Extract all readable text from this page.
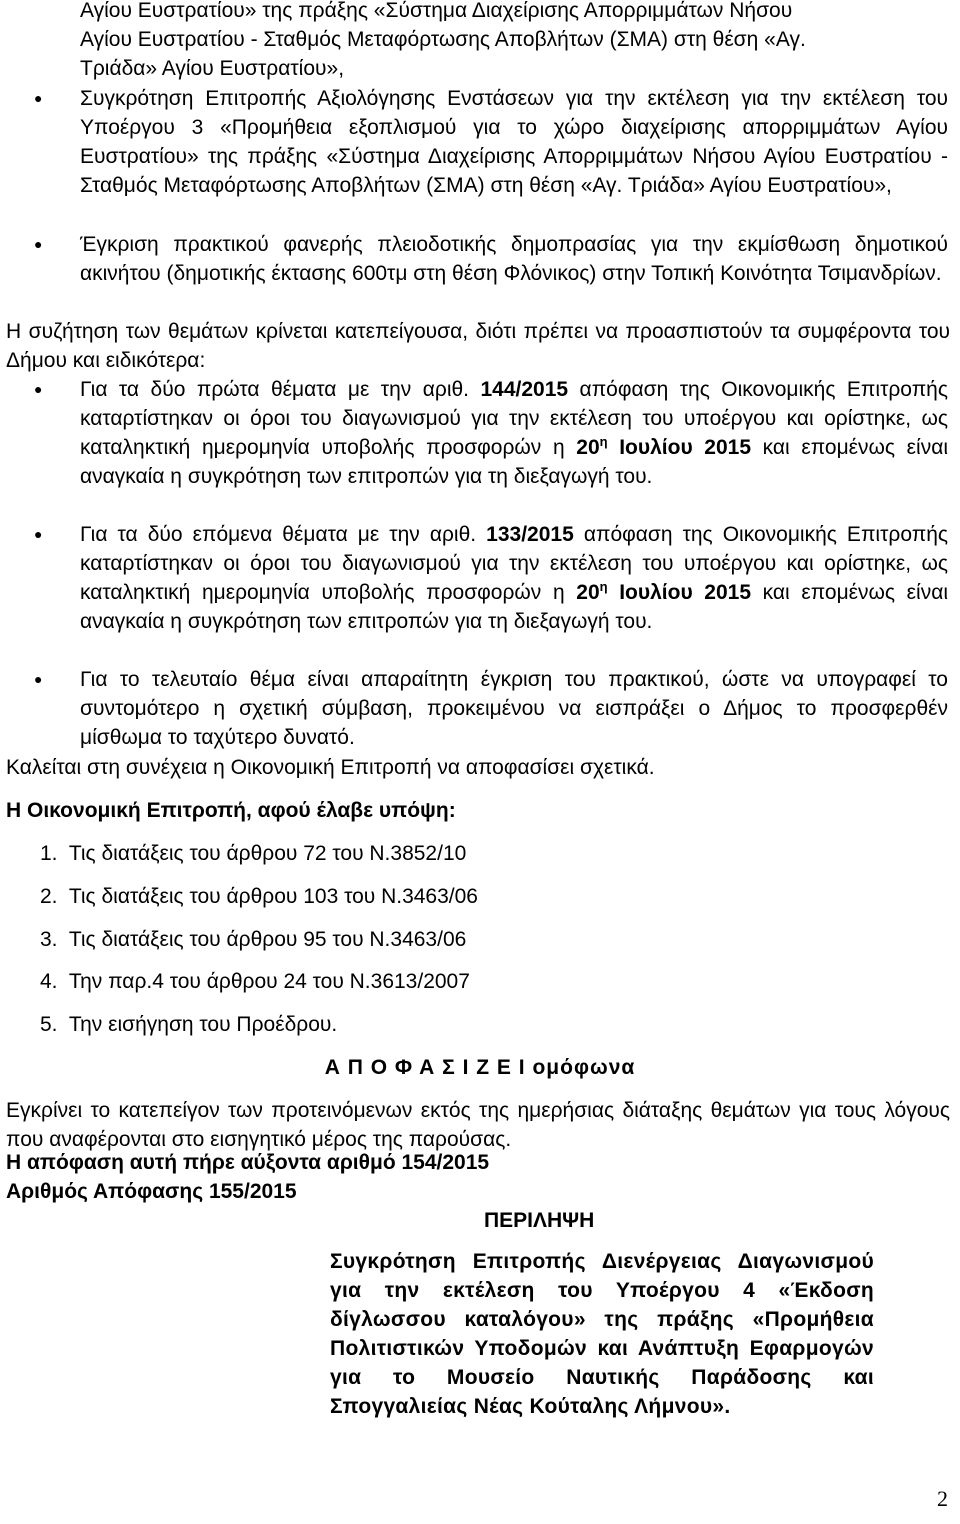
Αγίου Ευστρατίου» της πράξης «Σύστημα Διαχείρισης Απορριμμάτων Νήσου

Αγίου Ευστρατίου - Σταθμός Μεταφόρτωσης Αποβλήτων (ΣΜΑ) στη θέση «Αγ.

Τριάδα» Αγίου Ευστρατίου»,

● Συγκρότηση Επιτροπής Αξιολόγησης Ενστάσεων για την εκτέλεση για την εκτέλεση του Υποέργου 3 «Προμήθεια εξοπλισμού για το χώρο διαχείρισης απορριμμάτων Αγίου Ευστρατίου» της πράξης «Σύστημα Διαχείρισης Απορριμμάτων Νήσου Αγίου Ευστρατίου - Σταθμός Μεταφόρτωσης Αποβλήτων (ΣΜΑ) στη θέση «Αγ. Τριάδα» Αγίου Ευστρατίου»,

● Έγκριση πρακτικού φανερής πλειοδοτικής δημοπρασίας για την εκμίσθωση δημοτικού ακινήτου (δημοτικής έκτασης 600τμ στη θέση Φλόνικος) στην Τοπική Κοινότητα Τσιμανδρίων.

Η συζήτηση των θεμάτων κρίνεται κατεπείγουσα, διότι πρέπει να προασπιστούν τα συμφέροντα του Δήμου και ειδικότερα:

● Για τα δύο πρώτα θέματα με την αριθ. 144/2015 απόφαση της Οικονομικής Επιτροπής καταρτίστηκαν οι όροι του διαγωνισμού για την εκτέλεση του υποέργου και ορίστηκε, ως καταληκτική ημερομηνία υποβολής προσφορών η $20^\eta$ Ιουλίου 2015 και επομένως είναι αναγκαία η συγκρότηση των επιτροπών για τη διεξαγωγή του.

● Για τα δύο επόμενα θέματα με την αριθ. 133/2015 απόφαση της Οικονομικής Επιτροπής καταρτίστηκαν οι όροι του διαγωνισμού για την εκτέλεση του υποέργου και ορίστηκε, ως καταληκτική ημερομηνία υποβολής προσφορών η $20^\eta$ Ιουλίου 2015 και επομένως είναι αναγκαία η συγκρότηση των επιτροπών για τη διεξαγωγή του.

● Για το τελευταίο θέμα είναι απαραίτητη έγκριση του πρακτικού, ώστε να υπογραφεί το συντομότερο η σχετική σύμβαση, προκειμένου να εισπράξει ο Δήμος το προσφερθέν μίσθωμα το ταχύτερο δυνατό.

Καλείται στη συνέχεια η Οικονομική Επιτροπή να αποφασίσει σχετικά.

Η Οικονομική Επιτροπή, αφού έλαβε υπόψη:

1. Τις διατάξεις του άρθρου 72 του Ν.3852/10

2. Τις διατάξεις του άρθρου 103 του Ν.3463/06

3. Τις διατάξεις του άρθρου 95 του Ν.3463/06

4. Την παρ.4 του άρθρου 24 του Ν.3613/2007

5. Την εισήγηση του Προέδρου.

Α Π Ο Φ Α Σ Ι Ζ Ε Ι ομόφωνα

Εγκρίνει το κατεπείγον των προτεινόμενων εκτός της ημερήσιας διάταξης θεμάτων για τους λόγους που αναφέρονται στο εισηγητικό μέρος της παρούσας.

Η απόφαση αυτή πήρε αύξοντα αριθμό 154/2015

Αριθμός Απόφασης 155/2015

ΠΕΡΙΛΗΨΗ

Συγκρότηση Επιτροπής Διενέργειας Διαγωνισμού για την εκτέλεση του Υποέργου 4 «Έκδοση δίγλωσσου καταλόγου» της πράξης «Προμήθεια Πολιτιστικών Υποδομών και Ανάπτυξη Εφαρμογών για το Μουσείο Ναυτικής Παράδοσης και Σπογγαλιείας Νέας Κούταλης Λήμνου».

2
